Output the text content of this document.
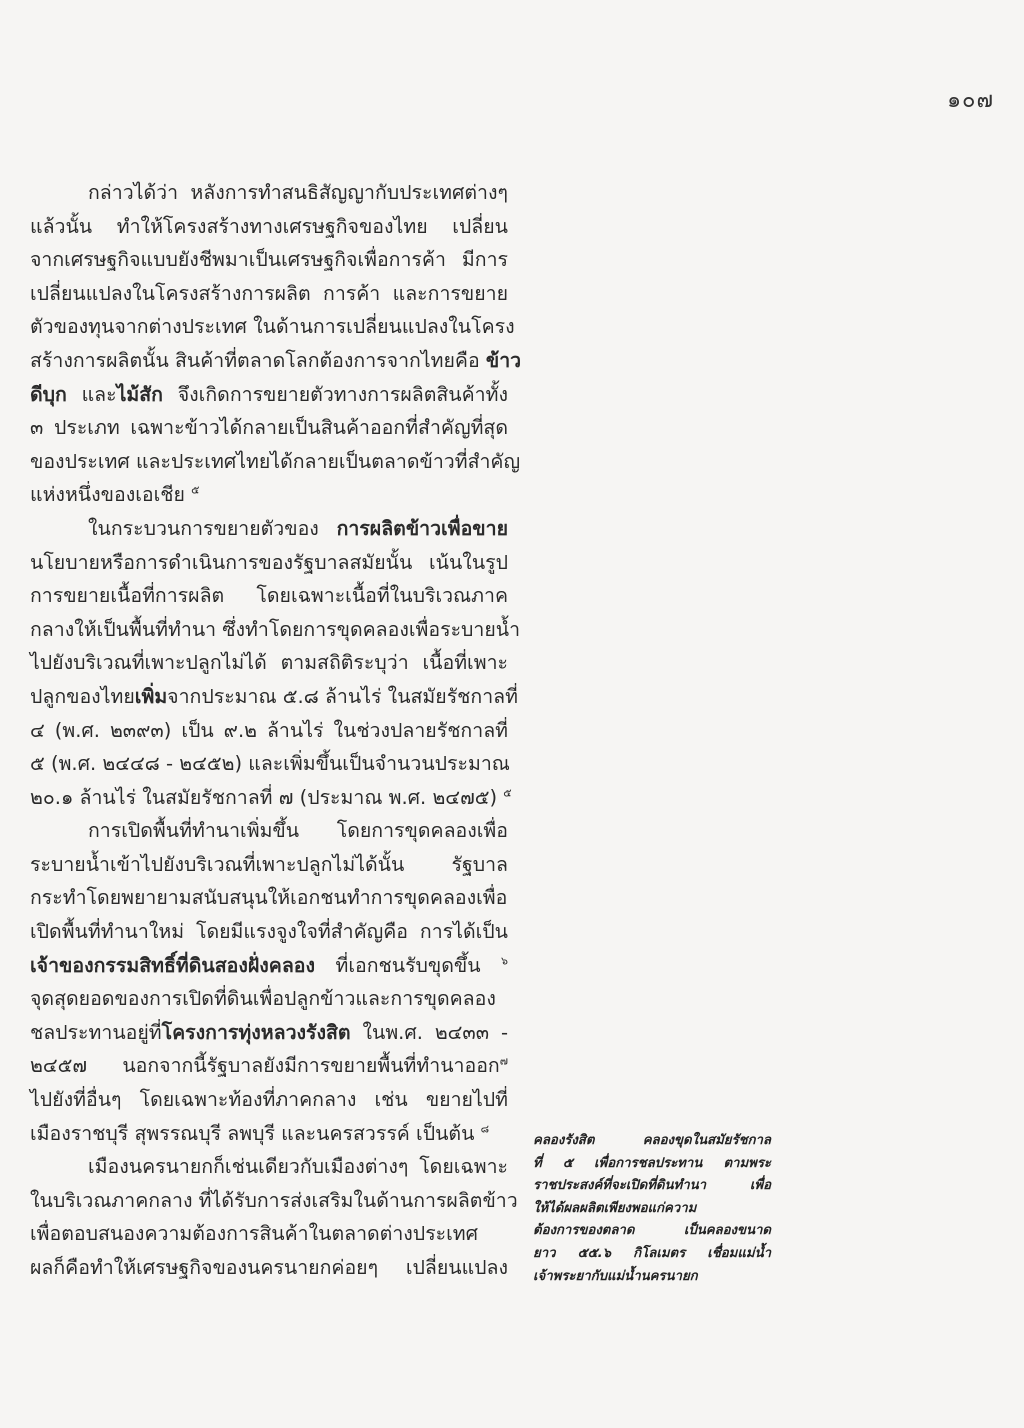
๑๐๗
กล่าวได้ว่า หลังการทำสนธิสัญญากับประเทศต่างๆ
แล้วนั้น ทำให้โครงสร้างทางเศรษฐกิจของไทย เปลี่ยน
จากเศรษฐกิจแบบยังชีพมาเป็นเศรษฐกิจเพื่อการค้า มีการ
เปลี่ยนแปลงในโครงสร้างการผลิต การค้า และการขยาย
ตัวของทุนจากต่างประเทศ ในด้านการเปลี่ยนแปลงในโครง
สร้างการผลิตนั้น สินค้าที่ตลาดโลกต้องการจากไทยคือ ข้าว
ดีบุก และไม้สัก จึงเกิดการขยายตัวทางการผลิตสินค้าทั้ง
๓ ประเภท เฉพาะข้าวได้กลายเป็นสินค้าออกที่สำคัญที่สุด
ของประเทศ และประเทศไทยได้กลายเป็นตลาดข้าวที่สำคัญ
แห่งหนึ่งของเอเชีย $^๕$
ในกระบวนการขยายตัวของ การผลิตข้าวเพื่อขาย
นโยบายหรือการดำเนินการของรัฐบาลสมัยนั้น เน้นในรูป
การขยายเนื้อที่การผลิต โดยเฉพาะเนื้อที่ในบริเวณภาค
กลางให้เป็นพื้นที่ทำนา ซึ่งทำโดยการขุดคลองเพื่อระบายน้ำ
ไปยังบริเวณที่เพาะปลูกไม่ได้ ตามสถิติระบุว่า เนื้อที่เพาะ
ปลูกของไทยเพิ่มจากประมาณ ๕.๘ ล้านไร่ ในสมัยรัชกาลที่
๔ (พ.ศ. ๒๓๙๓) เป็น ๙.๒ ล้านไร่ ในช่วงปลายรัชกาลที่
๕ (พ.ศ. ๒๔๔๘ - ๒๔๕๒) และเพิ่มขึ้นเป็นจำนวนประมาณ
๒๐.๑ ล้านไร่ ในสมัยรัชกาลที่ ๗ (ประมาณ พ.ศ. ๒๔๗๕) $^๕$
การเปิดพื้นที่ทำนาเพิ่มขึ้น โดยการขุดคลองเพื่อ
ระบายน้ำเข้าไปยังบริเวณที่เพาะปลูกไม่ได้นั้น รัฐบาล
กระทำโดยพยายามสนับสนุนให้เอกชนทำการขุดคลองเพื่อ
เปิดพื้นที่ทำนาใหม่ โดยมีแรงจูงใจที่สำคัญคือ การได้เป็น
เจ้าของกรรมสิทธิ์ที่ดินสองฝั่งคลอง ที่เอกชนรับขุดขึ้น $^๖$
จุดสุดยอดของการเปิดที่ดินเพื่อปลูกข้าวและการขุดคลอง
ชลประทานอยู่ที่โครงการทุ่งหลวงรังสิต ในพ.ศ. ๒๔๓๓ -
๒๔๕๗ นอกจากนี้รัฐบาลยังมีการขยายพื้นที่ทำนาออก$^๗$
ไปยังที่อื่นๆ โดยเฉพาะท้องที่ภาคกลาง เช่น ขยายไปที่
เมืองราชบุรี สุพรรณบุรี ลพบุรี และนครสวรรค์ เป็นต้น $^๘$
เมืองนครนายกก็เช่นเดียวกับเมืองต่างๆ โดยเฉพาะ
ในบริเวณภาคกลาง ที่ได้รับการส่งเสริมในด้านการผลิตข้าว
เพื่อตอบสนองความต้องการสินค้าในตลาดต่างประเทศ
ผลก็คือทำให้เศรษฐกิจของนครนายกค่อยๆ เปลี่ยนแปลง
คลองรังสิต คลองขุดในสมัยรัชกาล
ที่ ๕ เพื่อการชลประทาน ตามพระ
ราชประสงค์ที่จะเปิดที่ดินทำนา เพื่อ
ให้ได้ผลผลิตเพียงพอแก่ความ
ต้องการของตลาด เป็นคลองขนาด
ยาว ๕๕.๖ กิโลเมตร เชื่อมแม่น้ำ
เจ้าพระยากับแม่น้ำนครนายก
